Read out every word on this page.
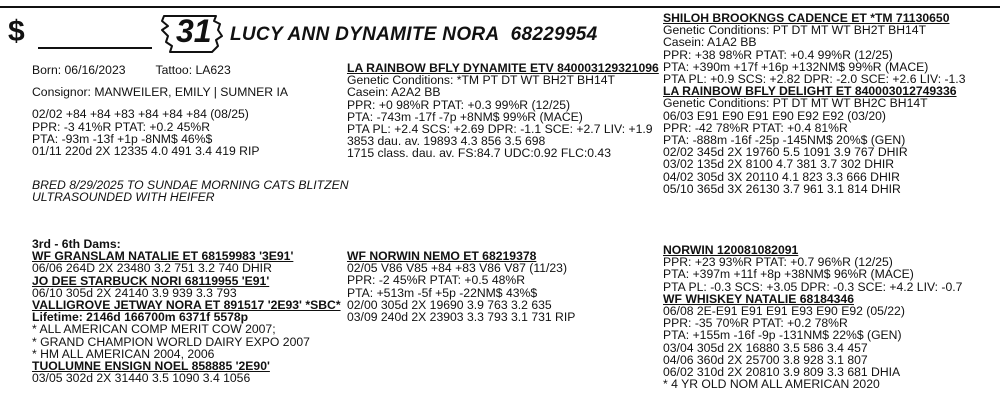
$	31 LUCY ANN DYNAMITE NORA 68229954
Born: 06/16/2023 Tattoo: LA623
Consignor: MANWEILER, EMILY | SUMNER IA
02/02 +84 +84 +83 +84 +84 +84 (08/25)
PPR: -3 41%R PTAT: +0.2 45%R
PTA: -93m -13f +1p -8NM$ 46%$
01/11 220d 2X 12335 4.0 491 3.4 419 RIP
BRED 8/29/2025 TO SUNDAE MORNING CATS BLITZEN
ULTRASOUNDED WITH HEIFER
3rd - 6th Dams:
WF GRANSLAM NATALIE ET 68159983 '3E91'
06/06 264D 2X 23480 3.2 751 3.2 740 DHIR
JO DEE STARBUCK NORI 68119955 'E91'
06/10 305d 2X 24140 3.9 939 3.3 793
VALLIGROVE JETWAY NORA ET 891517 '2E93' *SBC*
Lifetime: 2146d 166700m 6371f 5578p
* ALL AMERICAN COMP MERIT COW 2007;
* GRAND CHAMPION WORLD DAIRY EXPO 2007
* HM ALL AMERICAN 2004, 2006
TUOLUMNE ENSIGN NOEL 858885 '2E90'
03/05 302d 2X 31440 3.5 1090 3.4 1056
LA RAINBOW BFLY DYNAMITE ETV 840003129321096
Genetic Conditions: *TM PT DT WT BH2T BH14T
Casein: A2A2 BB
PPR: +0 98%R PTAT: +0.3 99%R (12/25)
PTA: -743m -17f -7p +8NM$ 99%R (MACE)
PTA PL: +2.4 SCS: +2.69 DPR: -1.1 SCE: +2.7 LIV: +1.9
3853 dau. av. 19893 4.3 856 3.5 698
1715 class. dau. av. FS:84.7 UDC:0.92 FLC:0.43
WF NORWIN NEMO ET 68219378
02/05 V86 V85 +84 +83 V86 V87 (11/23)
PPR: -2 45%R PTAT: +0.5 48%R
PTA: +513m -5f +5p -22NM$ 43%$
02/00 305d 2X 19690 3.9 763 3.2 635
03/09 240d 2X 23903 3.3 793 3.1 731 RIP
SHILOH BROOKNGS CADENCE ET *TM 71130650
Genetic Conditions: PT DT MT WT BH2T BH14T
Casein: A1A2 BB
PPR: +38 98%R PTAT: +0.4 99%R (12/25)
PTA: +390m +17f +16p +132NM$ 99%R (MACE)
PTA PL: +0.9 SCS: +2.82 DPR: -2.0 SCE: +2.6 LIV: -1.3
LA RAINBOW BFLY DELIGHT ET 840003012749336
Genetic Conditions: PT DT MT WT BH2C BH14T
06/03 E91 E90 E91 E90 E92 E92 (03/20)
PPR: -42 78%R PTAT: +0.4 81%R
PTA: -888m -16f -25p -145NM$ 20%$ (GEN)
02/02 345d 2X 19760 5.5 1091 3.9 767 DHIR
03/02 135d 2X 8100 4.7 381 3.7 302 DHIR
04/02 305d 3X 20110 4.1 823 3.3 666 DHIR
05/10 365d 3X 26130 3.7 961 3.1 814 DHIR
NORWIN 120081082091
PPR: +23 93%R PTAT: +0.7 96%R (12/25)
PTA: +397m +11f +8p +38NM$ 96%R (MACE)
PTA PL: -0.3 SCS: +3.05 DPR: -0.3 SCE: +4.2 LIV: -0.7
WF WHISKEY NATALIE 68184346
06/08 2E-E91 E91 E91 E93 E90 E92 (05/22)
PPR: -35 70%R PTAT: +0.2 78%R
PTA: +155m -16f -9p -131NM$ 22%$ (GEN)
03/04 305d 2X 16880 3.5 586 3.4 457
04/06 360d 2X 25700 3.8 928 3.1 807
06/02 310d 2X 20810 3.9 809 3.3 681 DHIA
* 4 YR OLD NOM ALL AMERICAN 2020
